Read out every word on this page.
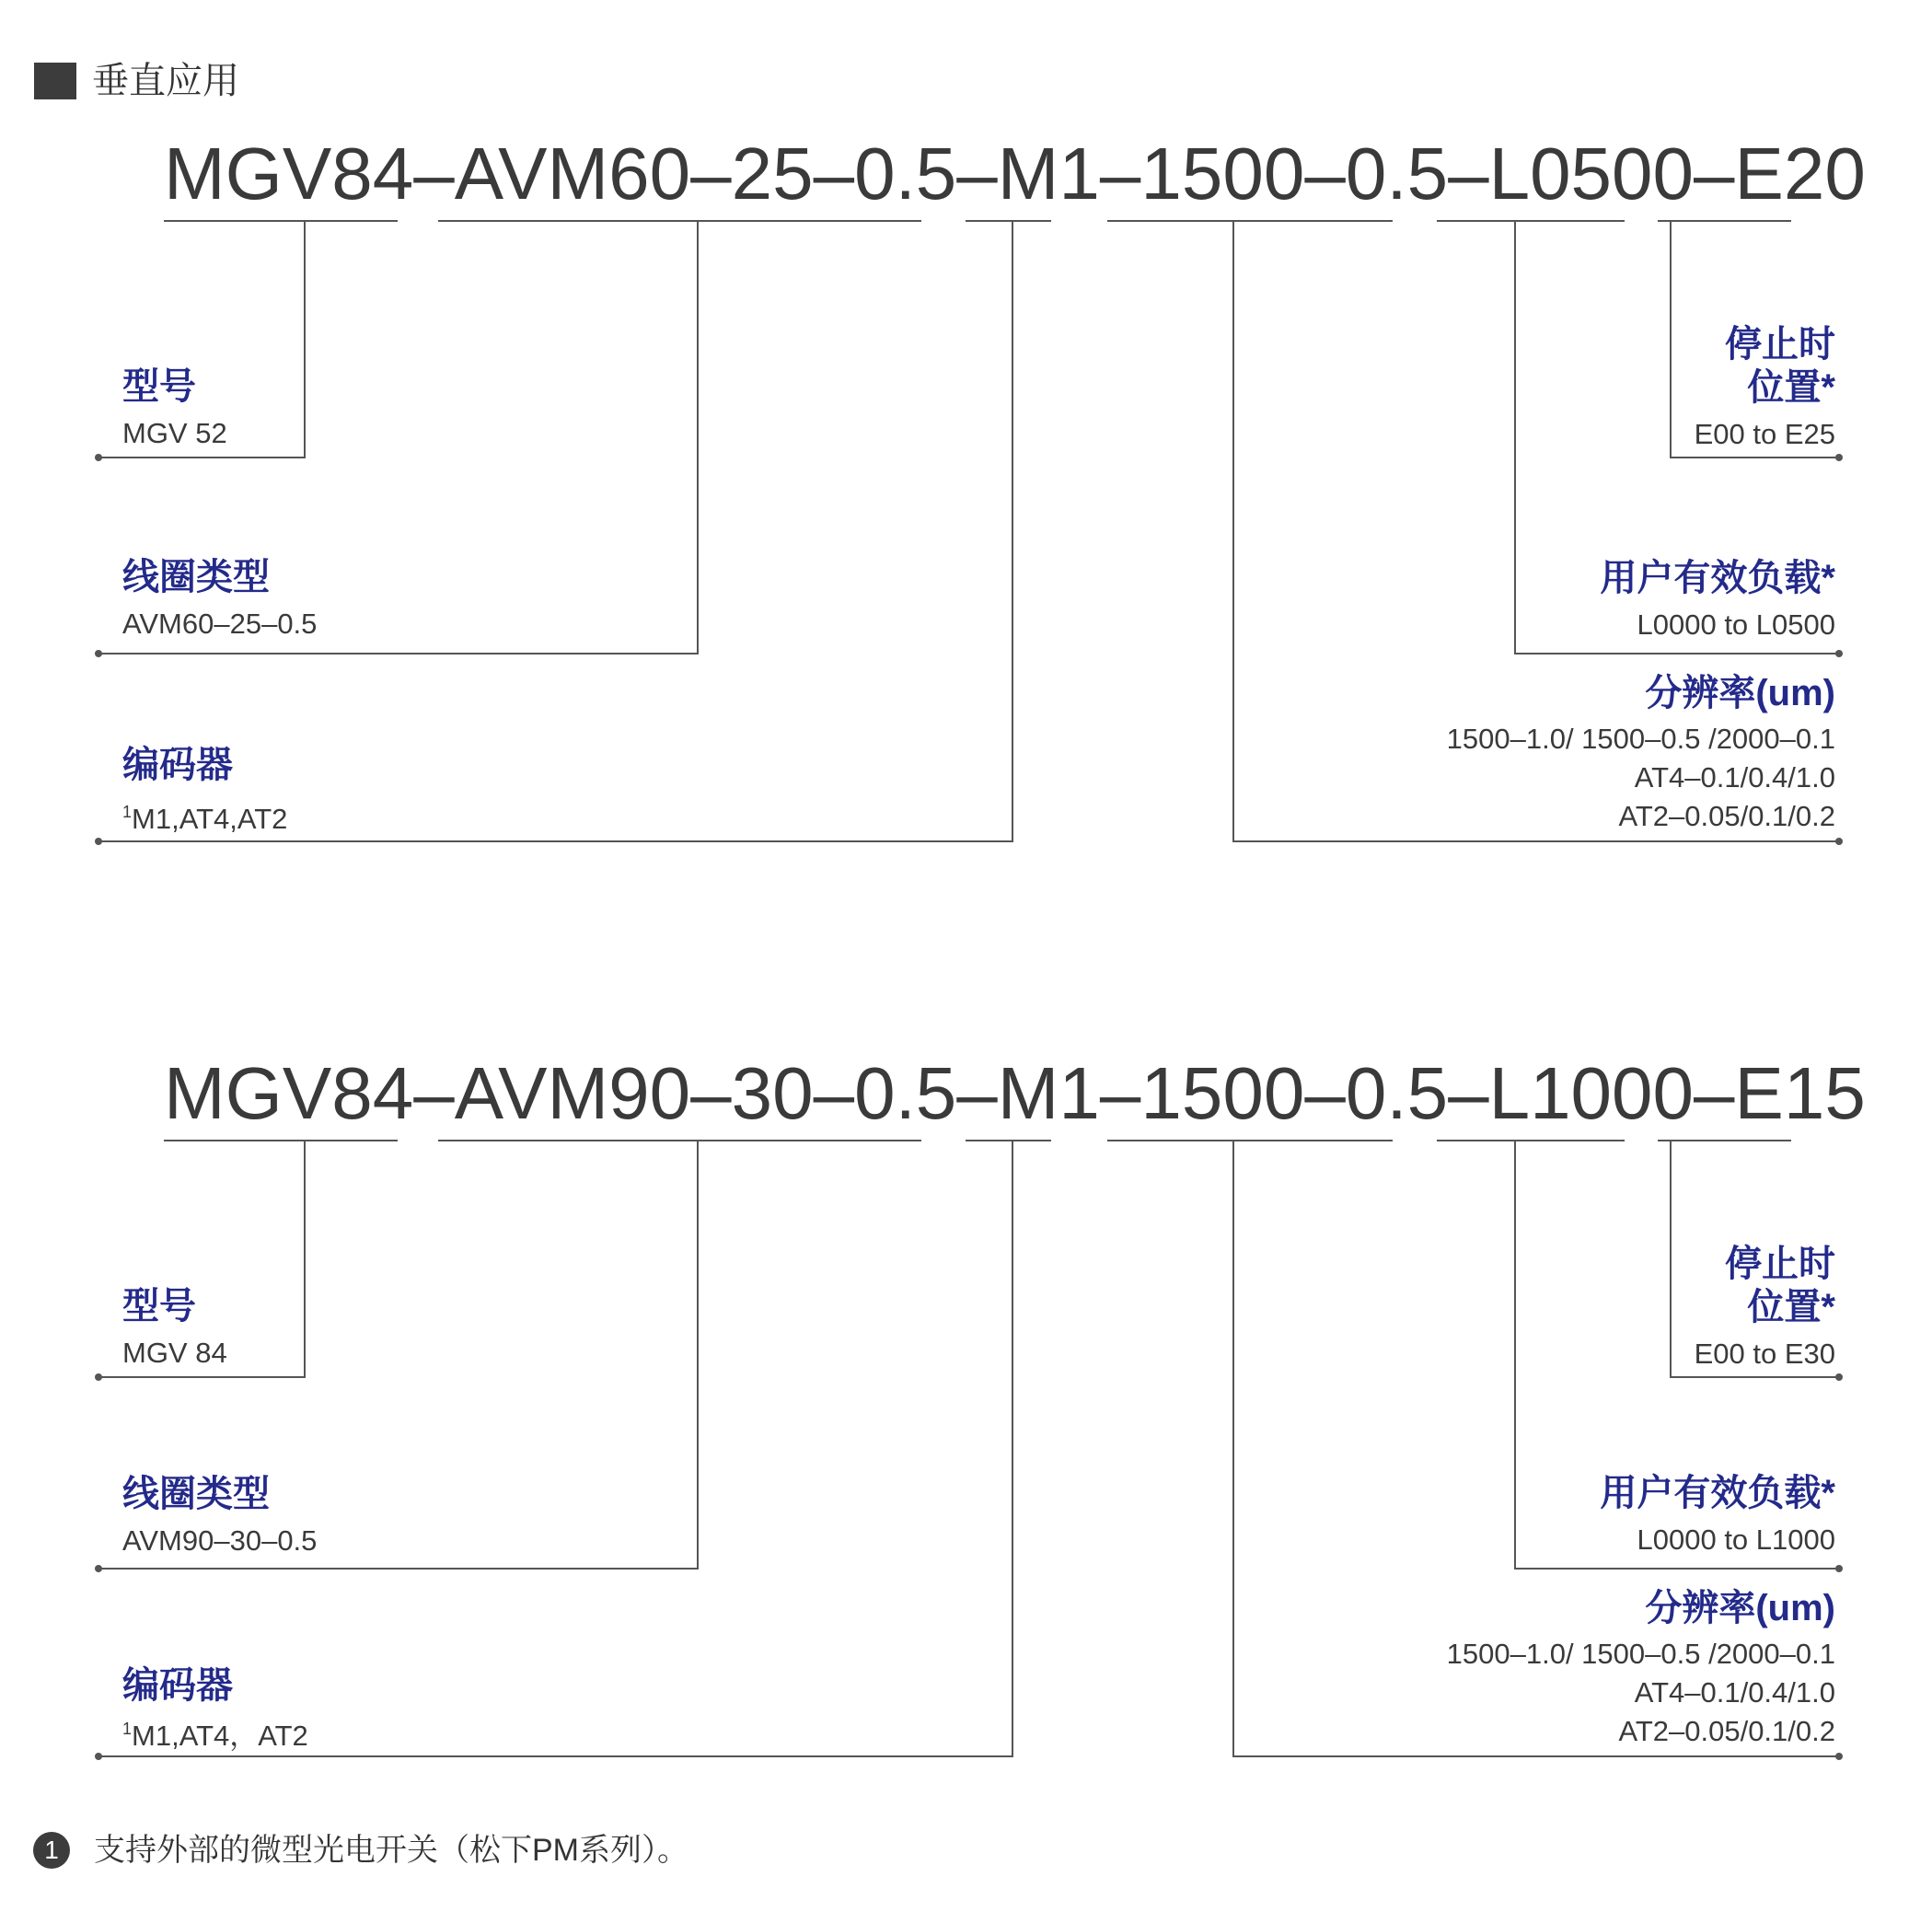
垂直应用
MGV84–AVM60–25–0.5–M1–1500–0.5–L0500–E20
型号
MGV 52
线圈类型
AVM60–25–0.5
编码器
$^1$M1,AT4,AT2
停止时
位置*
E00 to E25
用户有效负载*
L0000 to L0500
分辨率(um)
1500–1.0/ 1500–0.5 /2000–0.1
AT4–0.1/0.4/1.0
AT2–0.05/0.1/0.2
MGV84–AVM90–30–0.5–M1–1500–0.5–L1000–E15
型号
MGV 84
线圈类型
AVM90–30–0.5
编码器
$^1$M1,AT4，AT2
停止时
位置*
E00 to E30
用户有效负载*
L0000 to L1000
分辨率(um)
1500–1.0/ 1500–0.5 /2000–0.1
AT4–0.1/0.4/1.0
AT2–0.05/0.1/0.2
1 支持外部的微型光电开关（松下PM系列）。
